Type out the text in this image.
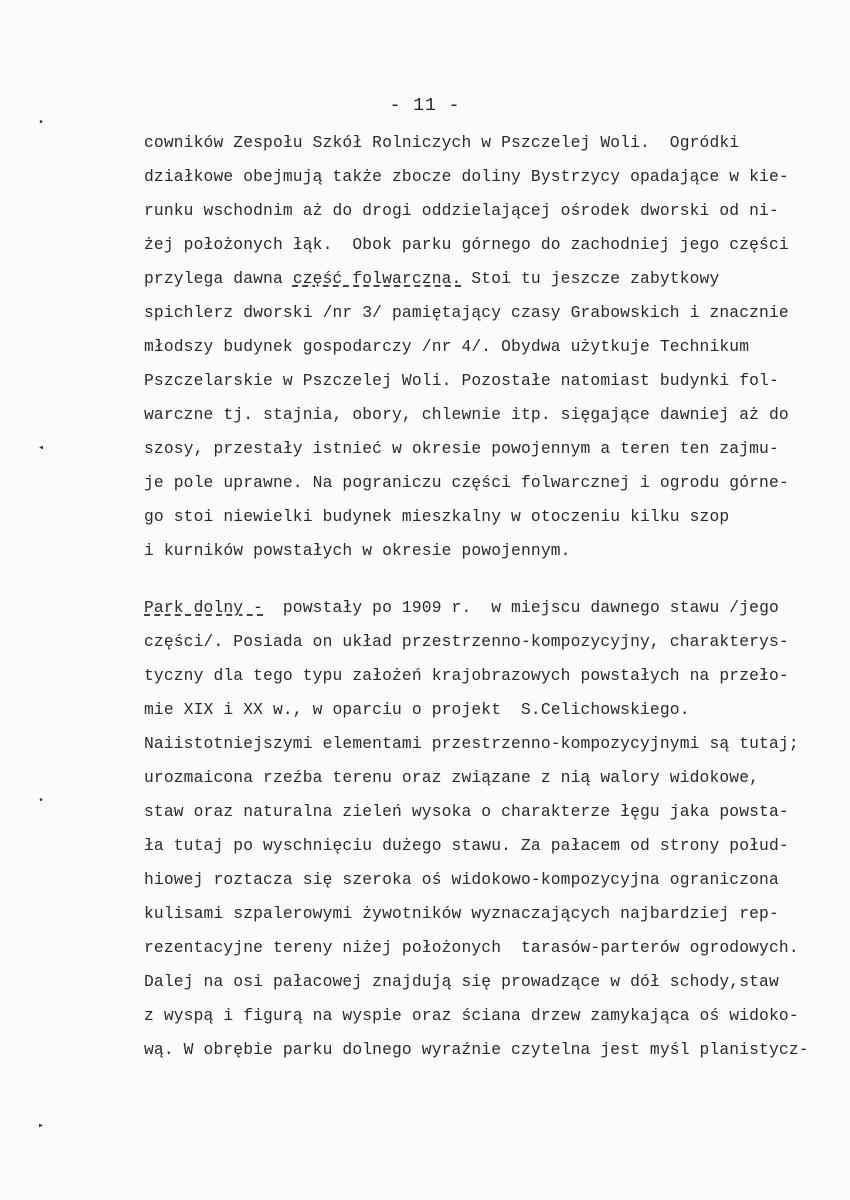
- 11 -
•
◂
•
▸
cowników Zespołu Szkół Rolniczych w Pszczelej Woli.  Ogródki
działkowe obejmują także zbocze doliny Bystrzycy opadające w kie-
runku wschodnim aż do drogi oddzielającej ośrodek dworski od ni-
żej położonych łąk.  Obok parku górnego do zachodniej jego części
przylega dawna część folwarczna. Stoi tu jeszcze zabytkowy
spichlerz dworski /nr 3/ pamiętający czasy Grabowskich i znacznie
młodszy budynek gospodarczy /nr 4/. Obydwa użytkuje Technikum
Pszczelarskie w Pszczelej Woli. Pozostałe natomiast budynki fol-
warczne tj. stajnia, obory, chlewnie itp. sięgające dawniej aż do
szosy, przestały istnieć w okresie powojennym a teren ten zajmu-
je pole uprawne. Na pograniczu części folwarcznej i ogrodu górne-
go stoi niewielki budynek mieszkalny w otoczeniu kilku szop
i kurników powstałych w okresie powojennym.
Park dolny -  powstały po 1909 r.  w miejscu dawnego stawu /jego
części/. Posiada on układ przestrzenno-kompozycyjny, charakterys-
tyczny dla tego typu założeń krajobrazowych powstałych na przeło-
mie XIX i XX w., w oparciu o projekt  S.Celichowskiego.
Naiistotniejszymi elementami przestrzenno-kompozycyjnymi są tutaj;
urozmaicona rzeźba terenu oraz związane z nią walory widokowe,
staw oraz naturalna zieleń wysoka o charakterze łęgu jaka powsta-
ła tutaj po wyschnięciu dużego stawu. Za pałacem od strony połud-
hiowej roztacza się szeroka oś widokowo-kompozycyjna ograniczona
kulisami szpalerowymi żywotników wyznaczających najbardziej rep-
rezentacyjne tereny niżej położonych  tarasów-parterów ogrodowych.
Dalej na osi pałacowej znajdują się prowadzące w dół schody,staw
z wyspą i figurą na wyspie oraz ściana drzew zamykająca oś widoko-
wą. W obrębie parku dolnego wyraźnie czytelna jest myśl planistycz-
